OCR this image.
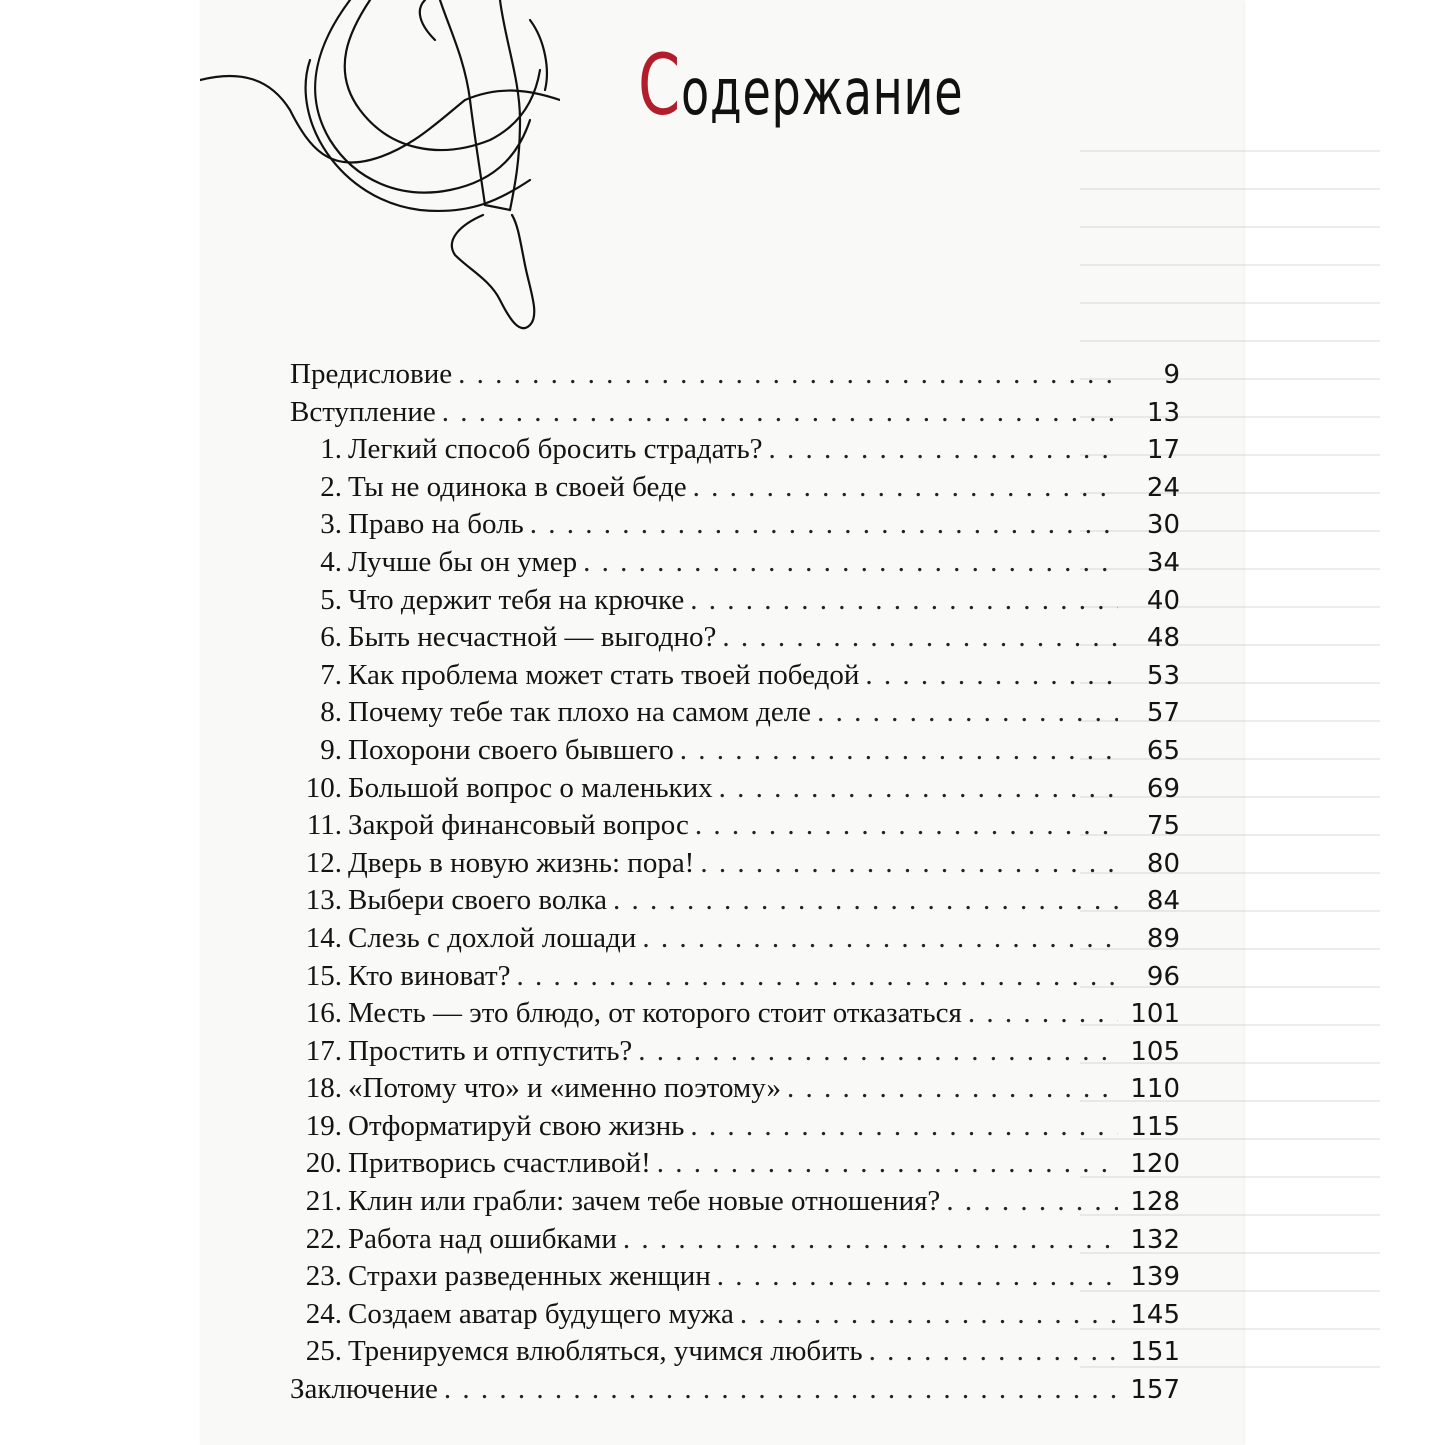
Содержание
Предисловие . . .	9
Вступление . . .	13
1. Легкий способ бросить страдать? . . .	17
2. Ты не одинока в своей беде . . .	24
3. Право на боль . . .	30
4. Лучше бы он умер . . .	34
5. Что держит тебя на крючке . . .	40
6. Быть несчастной — выгодно? . . .	48
7. Как проблема может стать твоей победой . . .	53
8. Почему тебе так плохо на самом деле . . .	57
9. Похорони своего бывшего . . .	65
10. Большой вопрос о маленьких . . .	69
11. Закрой финансовый вопрос . . .	75
12. Дверь в новую жизнь: пора! . . .	80
13. Выбери своего волка . . .	84
14. Слезь с дохлой лошади . . .	89
15. Кто виноват? . . .	96
16. Месть — это блюдо, от которого стоит отказаться . . .	101
17. Простить и отпустить? . . .	105
18. «Потому что» и «именно поэтому» . . .	110
19. Отформатируй свою жизнь . . .	115
20. Притворись счастливой! . . .	120
21. Клин или грабли: зачем тебе новые отношения? . . .	128
22. Работа над ошибками . . .	132
23. Страхи разведенных женщин . . .	139
24. Создаем аватар будущего мужа . . .	145
25. Тренируемся влюбляться, учимся любить . . .	151
Заключение . . .	157
